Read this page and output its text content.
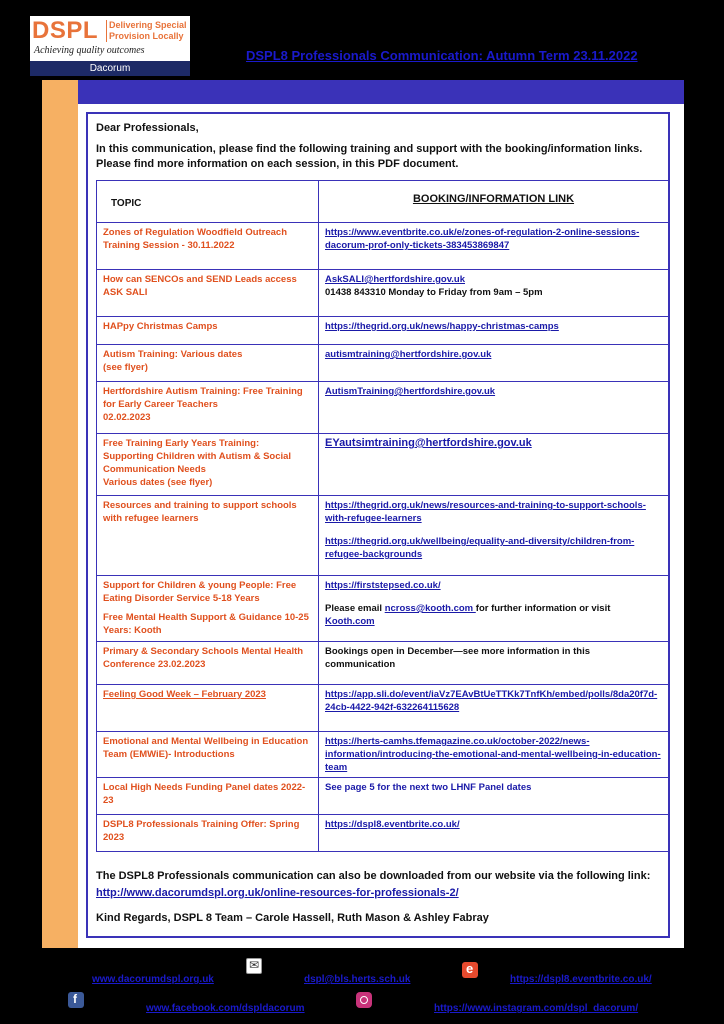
DSPL Delivering Special
Provision Locally
Achieving quality outcomes
Dacorum
DSPL8 Professionals Communication: Autumn Term 23.11.2022
Dear Professionals,
In this communication, please find the following training and support with the booking/information links. Please find more information on each session, in this PDF document.
TOPIC	BOOKING/INFORMATION LINK
Zones of Regulation Woodfield Outreach Training Session - 30.11.2022	https://www.eventbrite.co.uk/e/zones-of-regulation-2-online-sessions-dacorum-prof-only-tickets-383453869847

How can SENCOs and SEND Leads access ASK SALI	AskSALI@hertfordshire.gov.uk
01438 843310 Monday to Friday from 9am – 5pm

HAPpy Christmas Camps	https://thegrid.org.uk/news/happy-christmas-camps

Autism Training: Various dates
(see flyer)	autismtraining@hertfordshire.gov.uk

Hertfordshire Autism Training: Free Training for Early Career Teachers
02.02.2023	AutismTraining@hertfordshire.gov.uk

Free Training Early Years Training: Supporting Children with Autism & Social Communication Needs
Various dates (see flyer)	EYautsimtraining@hertfordshire.gov.uk

Resources and training to support schools with refugee learners	https://thegrid.org.uk/news/resources-and-training-to-support-schools-with-refugee-learners
https://thegrid.org.uk/wellbeing/equality-and-diversity/children-from-refugee-backgrounds

Support for Children & young People: Free Eating Disorder Service 5-18 Years
Free Mental Health Support & Guidance 10-25 Years: Kooth	https://firststepsed.co.uk/
Please email ncross@kooth.com for further information or visit Kooth.com

Primary & Secondary Schools Mental Health Conference 23.02.2023	Bookings open in December—see more information in this communication

Feeling Good Week – February 2023	https://app.sli.do/event/iaVz7EAvBtUeTTKk7TnfKh/embed/polls/8da20f7d-24cb-4422-942f-632264115628

Emotional and Mental Wellbeing in Education Team (EMWiE)- Introductions	https://herts-camhs.tfemagazine.co.uk/october-2022/news-information/introducing-the-emotional-and-mental-wellbeing-in-education-team

Local High Needs Funding Panel dates 2022-23	See page 5 for the next two LHNF Panel dates

DSPL8 Professionals Training Offer: Spring 2023	https://dspl8.eventbrite.co.uk/
The DSPL8 Professionals communication can also be downloaded from our website via the following link: http://www.dacorumdspl.org.uk/online-resources-for-professionals-2/
Kind Regards, DSPL 8 Team – Carole Hassell, Ruth Mason & Ashley Fabray
✉
e
f
www.dacorumdspl.org.uk	dspl@bls.herts.sch.uk	https://dspl8.eventbrite.co.uk/
www.facebook.com/dspldacorum	https://www.instagram.com/dspl_dacorum/
